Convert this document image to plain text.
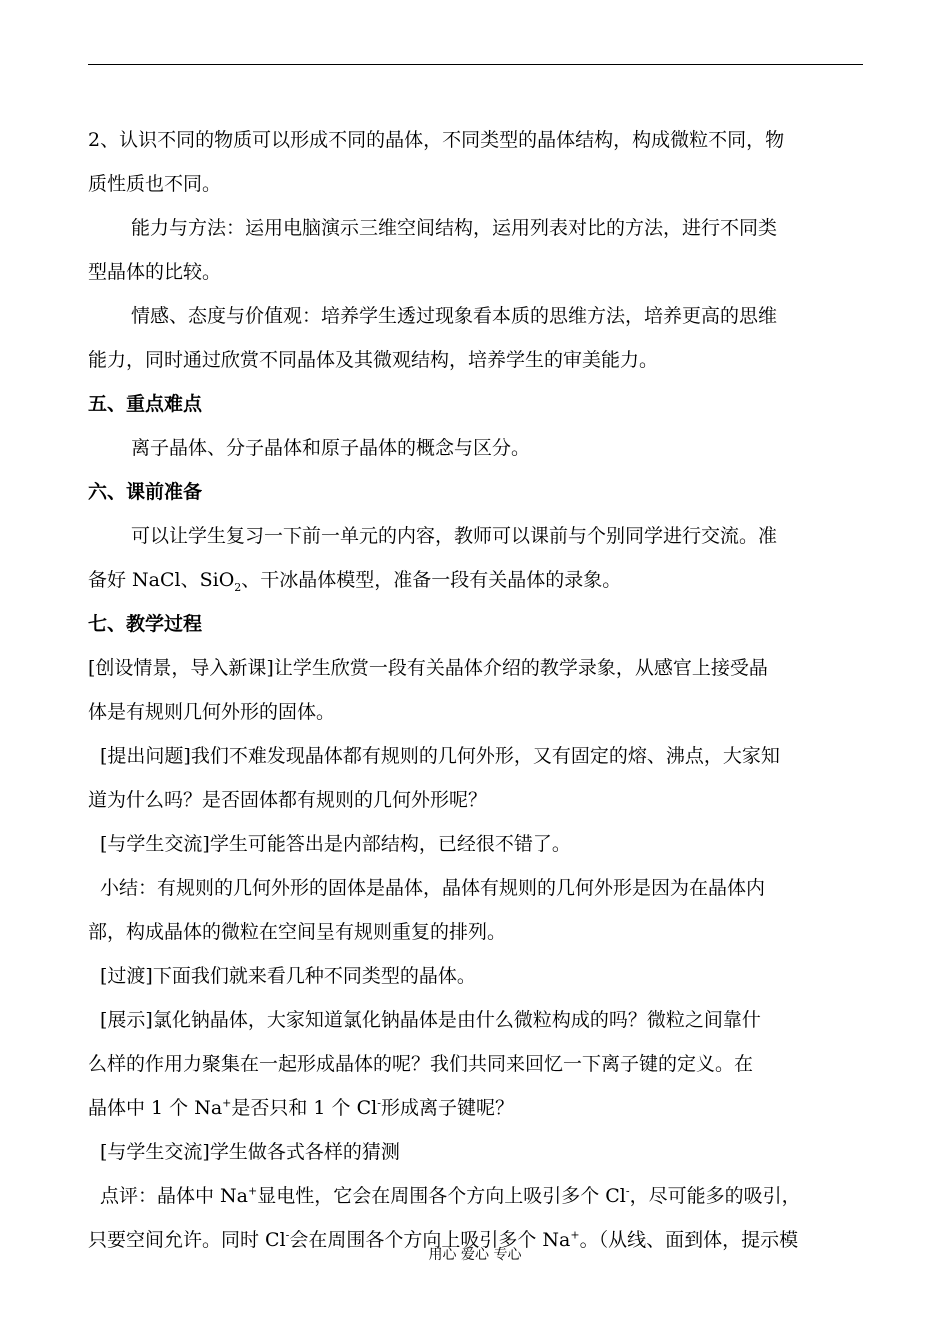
2、认识不同的物质可以形成不同的晶体，不同类型的晶体结构，构成微粒不同，物
质性质也不同。
能力与方法：运用电脑演示三维空间结构，运用列表对比的方法，进行不同类
型晶体的比较。
情感、态度与价值观：培养学生透过现象看本质的思维方法，培养更高的思维
能力，同时通过欣赏不同晶体及其微观结构，培养学生的审美能力。
五、重点难点
离子晶体、分子晶体和原子晶体的概念与区分。
六、课前准备
可以让学生复习一下前一单元的内容，教师可以课前与个别同学进行交流。准
备好 NaCl、SiO$_2$、干冰晶体模型，准备一段有关晶体的录象。
七、教学过程
[创设情景，导入新课]让学生欣赏一段有关晶体介绍的教学录象，从感官上接受晶
体是有规则几何外形的固体。
[提出问题]我们不难发现晶体都有规则的几何外形，又有固定的熔、沸点，大家知
道为什么吗？是否固体都有规则的几何外形呢？
[与学生交流]学生可能答出是内部结构，已经很不错了。
小结：有规则的几何外形的固体是晶体，晶体有规则的几何外形是因为在晶体内
部，构成晶体的微粒在空间呈有规则重复的排列。
[过渡]下面我们就来看几种不同类型的晶体。
[展示]氯化钠晶体，大家知道氯化钠晶体是由什么微粒构成的吗？微粒之间靠什
么样的作用力聚集在一起形成晶体的呢？我们共同来回忆一下离子键的定义。在
晶体中 1 个 Na+是否只和 1 个 Cl-形成离子键呢？
[与学生交流]学生做各式各样的猜测
点评：晶体中 Na+显电性，它会在周围各个方向上吸引多个 Cl-，尽可能多的吸引，
只要空间允许。同时 Cl-会在周围各个方向上吸引多个 Na+。（从线、面到体，提示模
用心 爱心 专心
